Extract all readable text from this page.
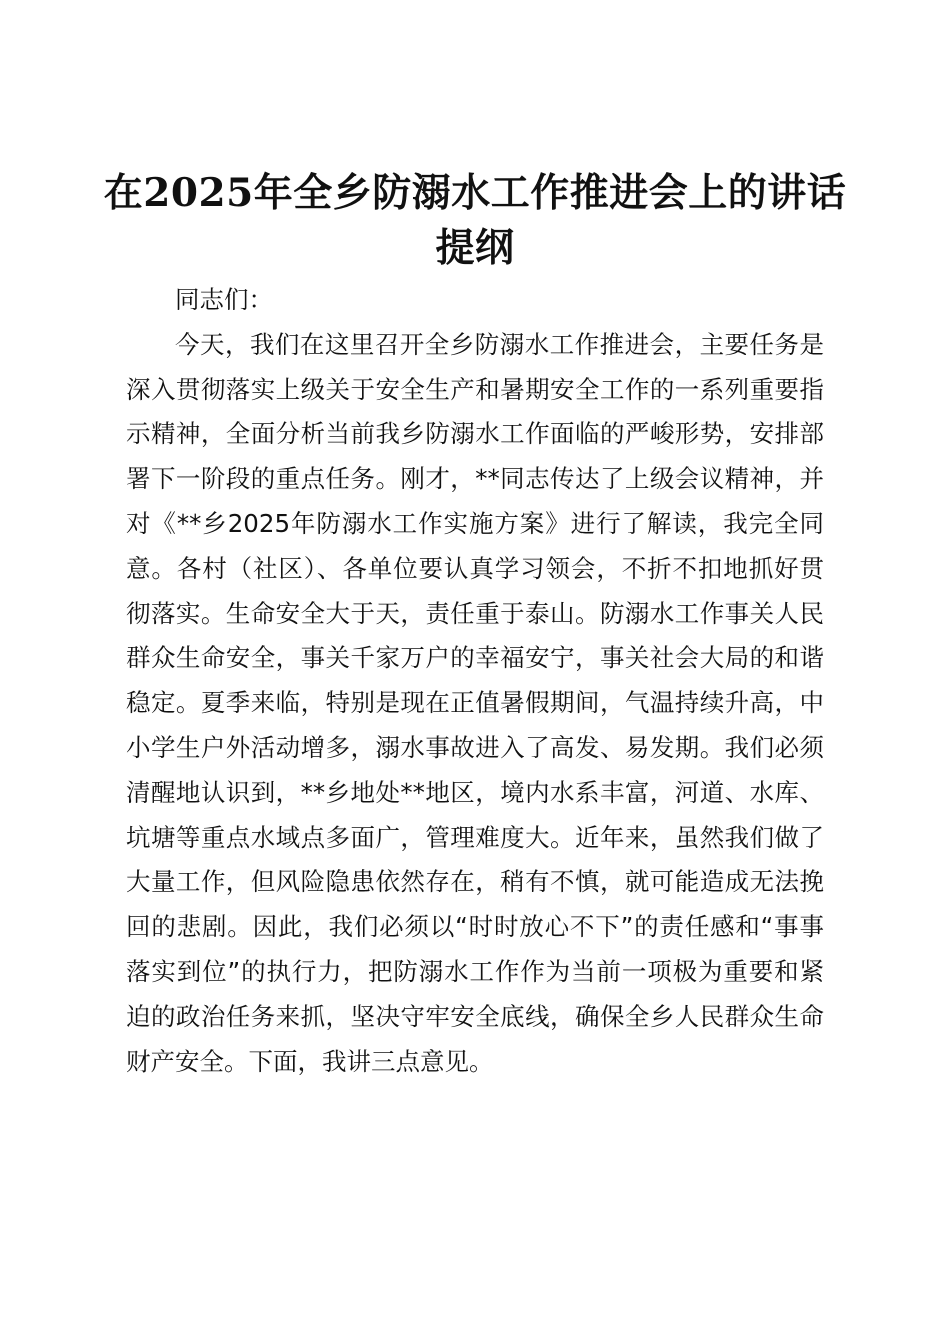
在2025年全乡防溺水工作推进会上的讲话提纲

同志们：

今天，我们在这里召开全乡防溺水工作推进会，主要任务是深入贯彻落实上级关于安全生产和暑期安全工作的一系列重要指示精神，全面分析当前我乡防溺水工作面临的严峻形势，安排部署下一阶段的重点任务。刚才，**同志传达了上级会议精神，并对《**乡2025年防溺水工作实施方案》进行了解读，我完全同意。各村（社区）、各单位要认真学习领会，不折不扣地抓好贯彻落实。生命安全大于天，责任重于泰山。防溺水工作事关人民群众生命安全，事关千家万户的幸福安宁，事关社会大局的和谐稳定。夏季来临，特别是现在正值暑假期间，气温持续升高，中小学生户外活动增多，溺水事故进入了高发、易发期。我们必须清醒地认识到，**乡地处**地区，境内水系丰富，河道、水库、坑塘等重点水域点多面广，管理难度大。近年来，虽然我们做了大量工作，但风险隐患依然存在，稍有不慎，就可能造成无法挽回的悲剧。因此，我们必须以“时时放心不下”的责任感和“事事落实到位”的执行力，把防溺水工作作为当前一项极为重要和紧迫的政治任务来抓，坚决守牢安全底线，确保全乡人民群众生命财产安全。下面，我讲三点意见。
